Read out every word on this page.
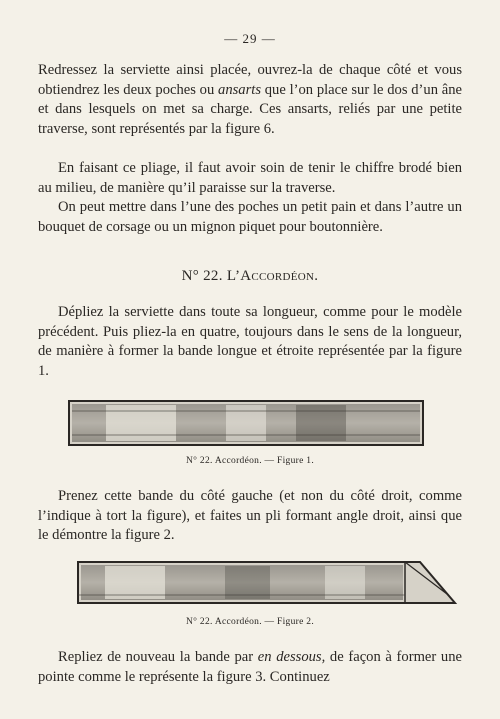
— 29 —

Redressez la serviette ainsi placée, ouvrez-la de chaque côté et vous obtiendrez les deux poches ou ansarts que l’on place sur le dos d’un âne et dans lesquels on met sa charge. Ces ansarts, reliés par une petite traverse, sont représentés par la figure 6.

En faisant ce pliage, il faut avoir soin de tenir le chiffre brodé bien au milieu, de manière qu’il paraisse sur la traverse.

On peut mettre dans l’une des poches un petit pain et dans l’autre un bouquet de corsage ou un mignon piquet pour boutonnière.

N° 22. L’Accordéon.

Dépliez la serviette dans toute sa longueur, comme pour le modèle précédent. Puis pliez-la en quatre, toujours dans le sens de la longueur, de manière à former la bande longue et étroite représentée par la figure 1.

N° 22. Accordéon. — Figure 1.

Prenez cette bande du côté gauche (et non du côté droit, comme l’indique à tort la figure), et faites un pli formant angle droit, ainsi que le démontre la figure 2.

N° 22. Accordéon. — Figure 2.

Repliez de nouveau la bande par en dessous, de façon à former une pointe comme le représente la figure 3. Continuez
